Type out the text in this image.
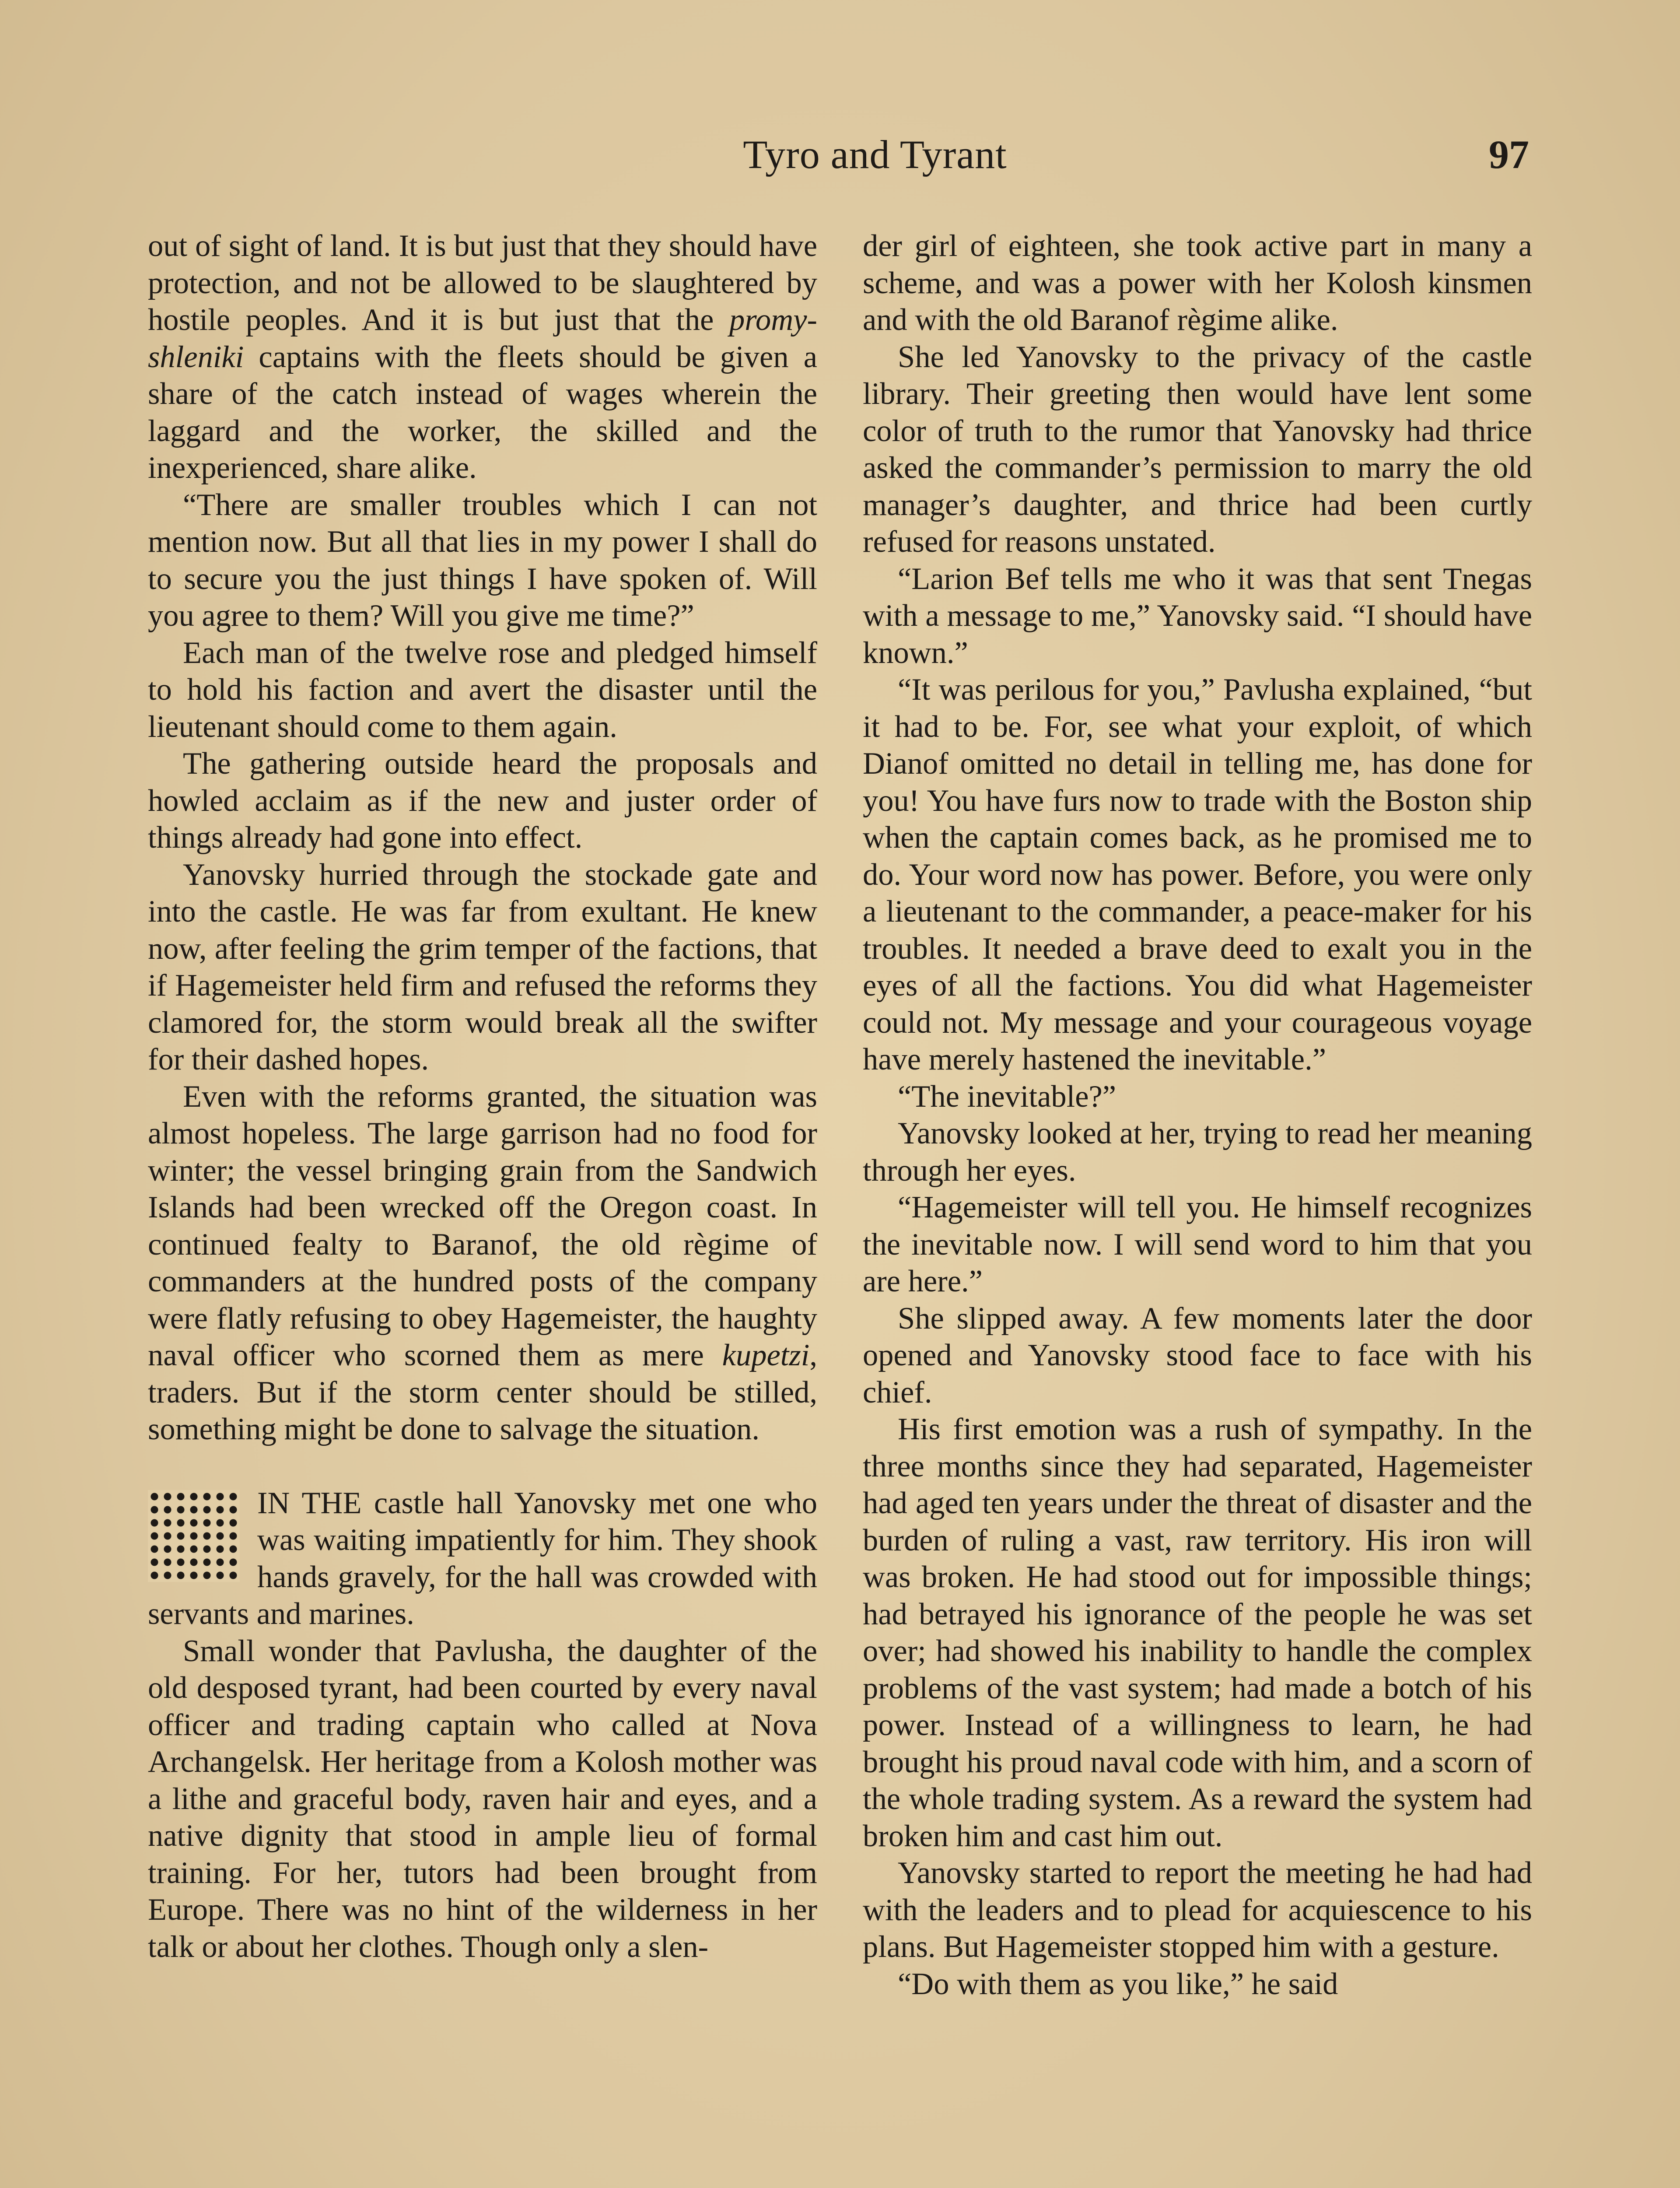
Tyro and Tyrant	97

out of sight of land. It is but just that they should have protection, and not be allowed to be slaughtered by hostile peoples. And it is but just that the promyshleniki captains with the fleets should be given a share of the catch instead of wages wherein the laggard and the worker, the skilled and the inexperienced, share alike.

“There are smaller troubles which I can not mention now. But all that lies in my power I shall do to secure you the just things I have spoken of. Will you agree to them? Will you give me time?”

Each man of the twelve rose and pledged himself to hold his faction and avert the disaster until the lieutenant should come to them again.

The gathering outside heard the proposals and howled acclaim as if the new and juster order of things already had gone into effect.

Yanovsky hurried through the stockade gate and into the castle. He was far from exultant. He knew now, after feeling the grim temper of the factions, that if Hagemeister held firm and refused the reforms they clamored for, the storm would break all the swifter for their dashed hopes.

Even with the reforms granted, the situation was almost hopeless. The large garrison had no food for winter; the vessel bringing grain from the Sandwich Islands had been wrecked off the Oregon coast. In continued fealty to Baranof, the old règime of commanders at the hundred posts of the company were flatly refusing to obey Hagemeister, the haughty naval officer who scorned them as mere kupetzi, traders. But if the storm center should be stilled, something might be done to salvage the situation.

IN THE castle hall Yanovsky met one who was waiting impatiently for him. They shook hands gravely, for the hall was crowded with servants and marines.

Small wonder that Pavlusha, the daughter of the old desposed tyrant, had been courted by every naval officer and trading captain who called at Nova Archangelsk. Her heritage from a Kolosh mother was a lithe and graceful body, raven hair and eyes, and a native dignity that stood in ample lieu of formal training. For her, tutors had been brought from Europe. There was no hint of the wilderness in her talk or about her clothes. Though only a slen-

der girl of eighteen, she took active part in many a scheme, and was a power with her Kolosh kinsmen and with the old Baranof règime alike.

She led Yanovsky to the privacy of the castle library. Their greeting then would have lent some color of truth to the rumor that Yanovsky had thrice asked the commander’s permission to marry the old manager’s daughter, and thrice had been curtly refused for reasons unstated.

“Larion Bef tells me who it was that sent Tnegas with a message to me,” Yanovsky said. “I should have known.”

“It was perilous for you,” Pavlusha explained, “but it had to be. For, see what your exploit, of which Dianof omitted no detail in telling me, has done for you! You have furs now to trade with the Boston ship when the captain comes back, as he promised me to do. Your word now has power. Before, you were only a lieutenant to the commander, a peace-maker for his troubles. It needed a brave deed to exalt you in the eyes of all the factions. You did what Hagemeister could not. My message and your courageous voyage have merely hastened the inevitable.”

“The inevitable?”

Yanovsky looked at her, trying to read her meaning through her eyes.

“Hagemeister will tell you. He himself recognizes the inevitable now. I will send word to him that you are here.”

She slipped away. A few moments later the door opened and Yanovsky stood face to face with his chief.

His first emotion was a rush of sympathy. In the three months since they had separated, Hagemeister had aged ten years under the threat of disaster and the burden of ruling a vast, raw territory. His iron will was broken. He had stood out for impossible things; had betrayed his ignorance of the people he was set over; had showed his inability to handle the complex problems of the vast system; had made a botch of his power. Instead of a willingness to learn, he had brought his proud naval code with him, and a scorn of the whole trading system. As a reward the system had broken him and cast him out.

Yanovsky started to report the meeting he had had with the leaders and to plead for acquiescence to his plans. But Hagemeister stopped him with a gesture.

“Do with them as you like,” he said
